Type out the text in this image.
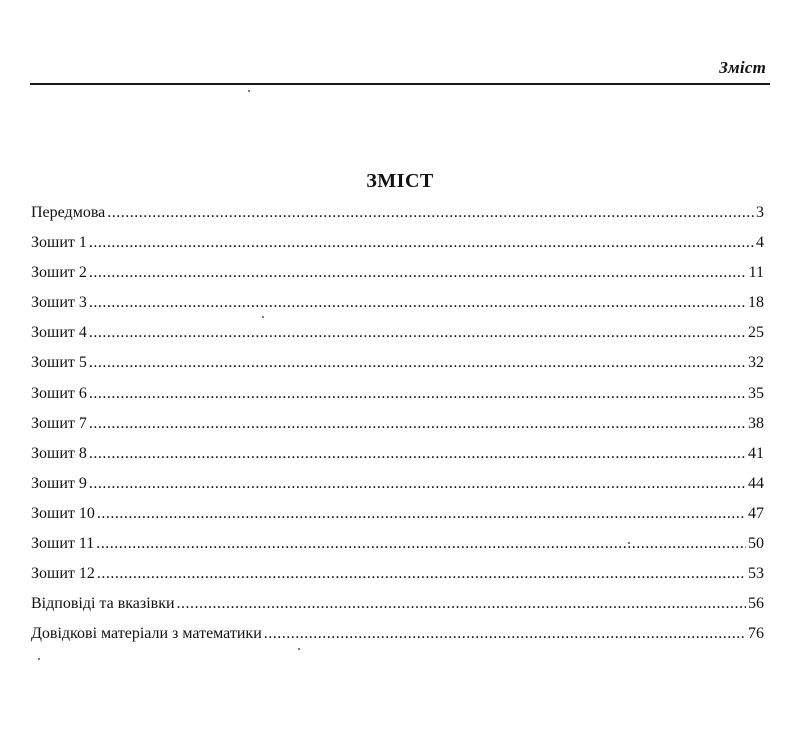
Зміст
ЗМІСТ
Передмова .....	3
Зошит 1 .....	4
Зошит 2 .....	11
Зошит 3 .....	18
Зошит 4 .....	25
Зошит 5 .....	32
Зошит 6 .....	35
Зошит 7 .....	38
Зошит 8 .....	41
Зошит 9 .....	44
Зошит 10 .....	47
Зошит 11 .....	50
Зошит 12 .....	53
Відповіді та вказівки .....	56
Довідкові матеріали з математики .....	76
